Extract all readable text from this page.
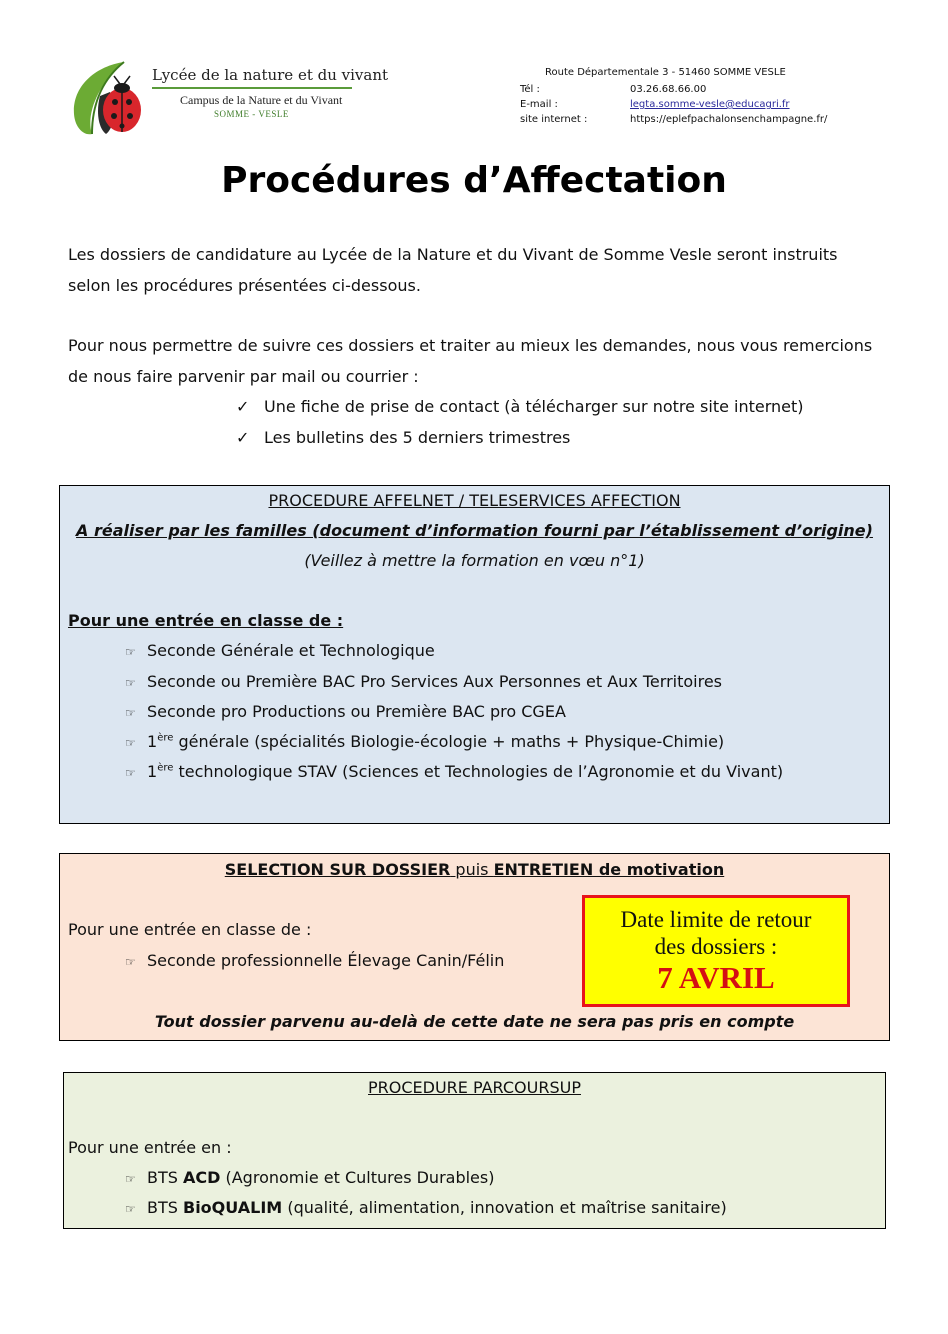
Lycée de la nature et du vivant
Campus de la Nature et du Vivant
SOMME - VESLE
Route Départementale 3 - 51460 SOMME VESLE
Tél :	03.26.68.66.00
E-mail :	legta.somme-vesle@educagri.fr
site internet :	https://eplefpachalonsenchampagne.fr/
Procédures d’Affectation
Les dossiers de candidature au Lycée de la Nature et du Vivant de Somme Vesle seront instruits
selon les procédures présentées ci-dessous.
Pour nous permettre de suivre ces dossiers et traiter au mieux les demandes, nous vous remercions
de nous faire parvenir par mail ou courrier :
✓ Une fiche de prise de contact (à télécharger sur notre site internet)
✓ Les bulletins des 5 derniers trimestres
PROCEDURE AFFELNET / TELESERVICES AFFECTION
A réaliser par les familles (document d’information fourni par l’établissement d’origine)
(Veillez à mettre la formation en vœu n°1)
Pour une entrée en classe de :
☞ Seconde Générale et Technologique
☞ Seconde ou Première BAC Pro Services Aux Personnes et Aux Territoires
☞ Seconde pro Productions ou Première BAC pro CGEA
☞ 1ère générale (spécialités Biologie-écologie + maths + Physique-Chimie)
☞ 1ère technologique STAV (Sciences et Technologies de l’Agronomie et du Vivant)
SELECTION SUR DOSSIER puis ENTRETIEN de motivation
Pour une entrée en classe de :
☞ Seconde professionnelle Élevage Canin/Félin
Tout dossier parvenu au-delà de cette date ne sera pas pris en compte
Date limite de retour
des dossiers :
7 AVRIL
PROCEDURE PARCOURSUP
Pour une entrée en :
☞ BTS ACD (Agronomie et Cultures Durables)
☞ BTS BioQUALIM (qualité, alimentation, innovation et maîtrise sanitaire)
